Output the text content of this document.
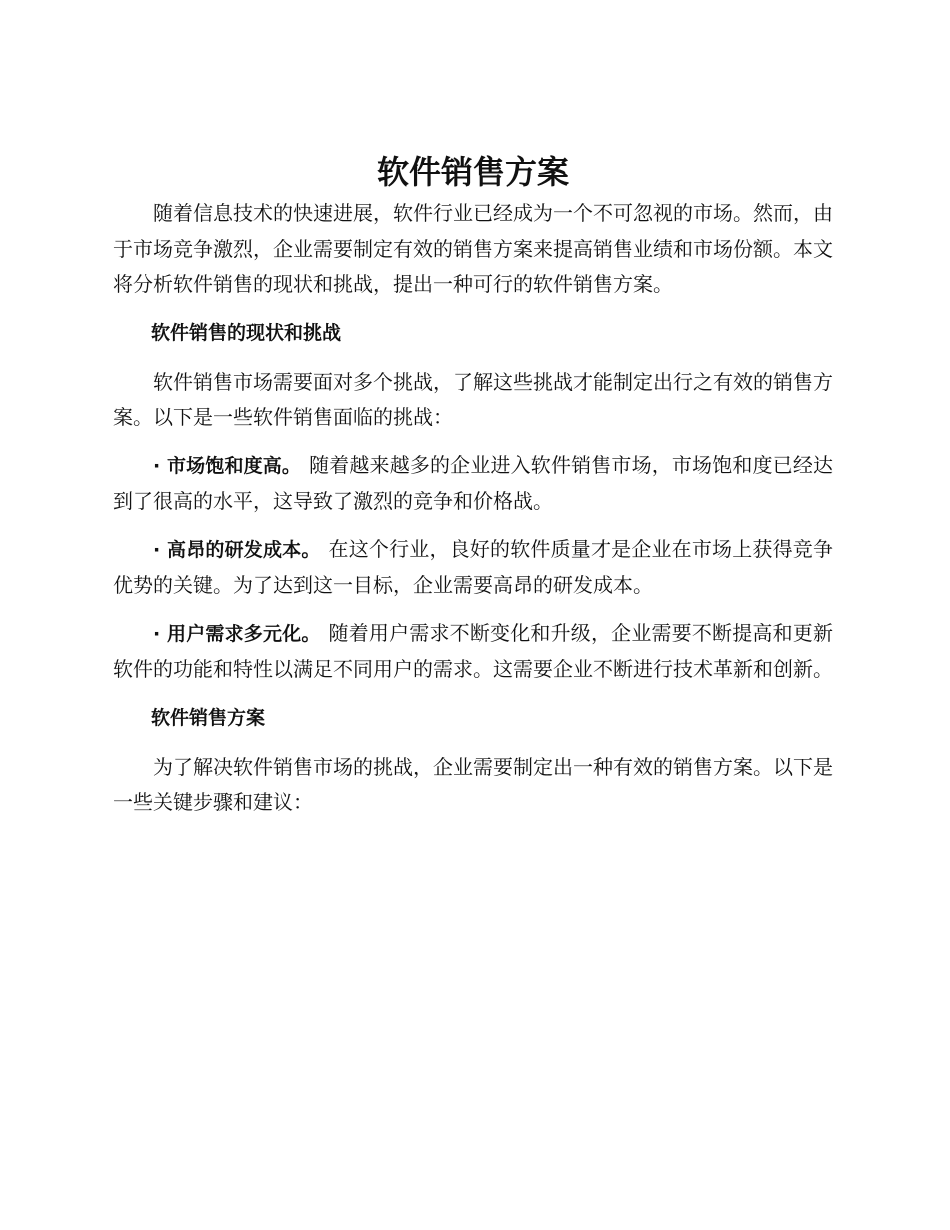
软件销售方案

随着信息技术的快速进展，软件行业已经成为一个不可忽视的市场。然而，由于市场竞争激烈，企业需要制定有效的销售方案来提高销售业绩和市场份额。本文将分析软件销售的现状和挑战，提出一种可行的软件销售方案。

软件销售的现状和挑战

软件销售市场需要面对多个挑战，了解这些挑战才能制定出行之有效的销售方案。以下是一些软件销售面临的挑战：

· 市场饱和度高。 随着越来越多的企业进入软件销售市场，市场饱和度已经达到了很高的水平，这导致了激烈的竞争和价格战。

· 高昂的研发成本。 在这个行业，良好的软件质量才是企业在市场上获得竞争优势的关键。为了达到这一目标，企业需要高昂的研发成本。

· 用户需求多元化。 随着用户需求不断变化和升级，企业需要不断提高和更新软件的功能和特性以满足不同用户的需求。这需要企业不断进行技术革新和创新。

软件销售方案

为了解决软件销售市场的挑战，企业需要制定出一种有效的销售方案。以下是一些关键步骤和建议：
